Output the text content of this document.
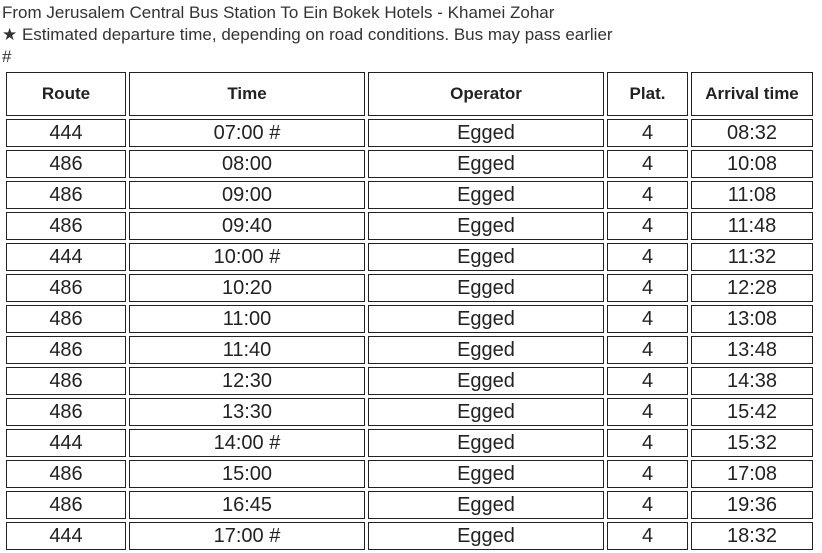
From Jerusalem Central Bus Station To Ein Bokek Hotels - Khamei Zohar
★ Estimated departure time, depending on road conditions. Bus may pass earlier
#
Route	Time	Operator	Plat.	Arrival time
444	07:00 #	Egged	4	08:32
486	08:00	Egged	4	10:08
486	09:00	Egged	4	11:08
486	09:40	Egged	4	11:48
444	10:00 #	Egged	4	11:32
486	10:20	Egged	4	12:28
486	11:00	Egged	4	13:08
486	11:40	Egged	4	13:48
486	12:30	Egged	4	14:38
486	13:30	Egged	4	15:42
444	14:00 #	Egged	4	15:32
486	15:00	Egged	4	17:08
486	16:45	Egged	4	19:36
444	17:00 #	Egged	4	18:32
